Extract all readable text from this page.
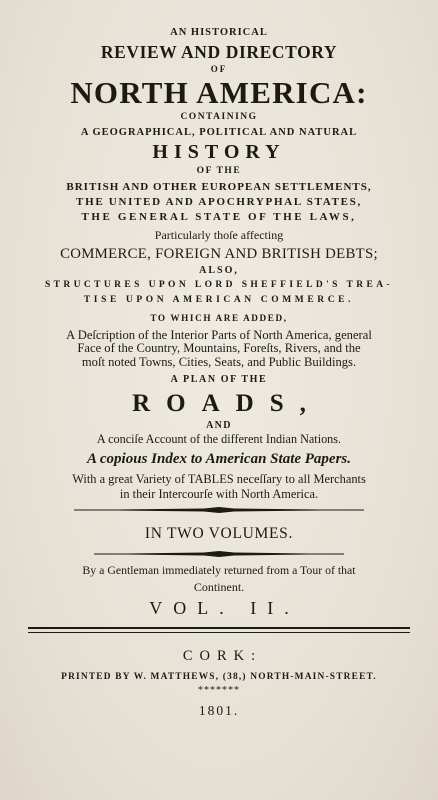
AN HISTORICAL
REVIEW AND DIRECTORY
OF
NORTH AMERICA:
CONTAINING
A GEOGRAPHICAL, POLITICAL AND NATURAL
HISTORY
OF THE
BRITISH AND OTHER EUROPEAN SETTLEMENTS,
THE UNITED AND APOCHRYPHAL STATES,
THE GENERAL STATE OF THE LAWS,
Particularly thoſe affecting
COMMERCE, FOREIGN AND BRITISH DEBTS;
ALSO,
STRUCTURES UPON LORD SHEFFIELD'S TREA-
TISE UPON AMERICAN COMMERCE.
TO WHICH ARE ADDED,
A Deſcription of the Interior Parts of North America, general
Face of the Country, Mountains, Foreſts, Rivers, and the
moſt noted Towns, Cities, Seats, and Public Buildings.
A PLAN OF THE
ROADS,
AND
A conciſe Account of the different Indian Nations.
A copious Index to American State Papers.
With a great Variety of TABLES neceſſary to all Merchants
in their Intercourſe with North America.
IN TWO VOLUMES.
By a Gentleman immediately returned from a Tour of that
Continent.
VOL. II.
CORK:
PRINTED BY W. MATTHEWS, (38,) NORTH-MAIN-STREET.
*******
1801.
